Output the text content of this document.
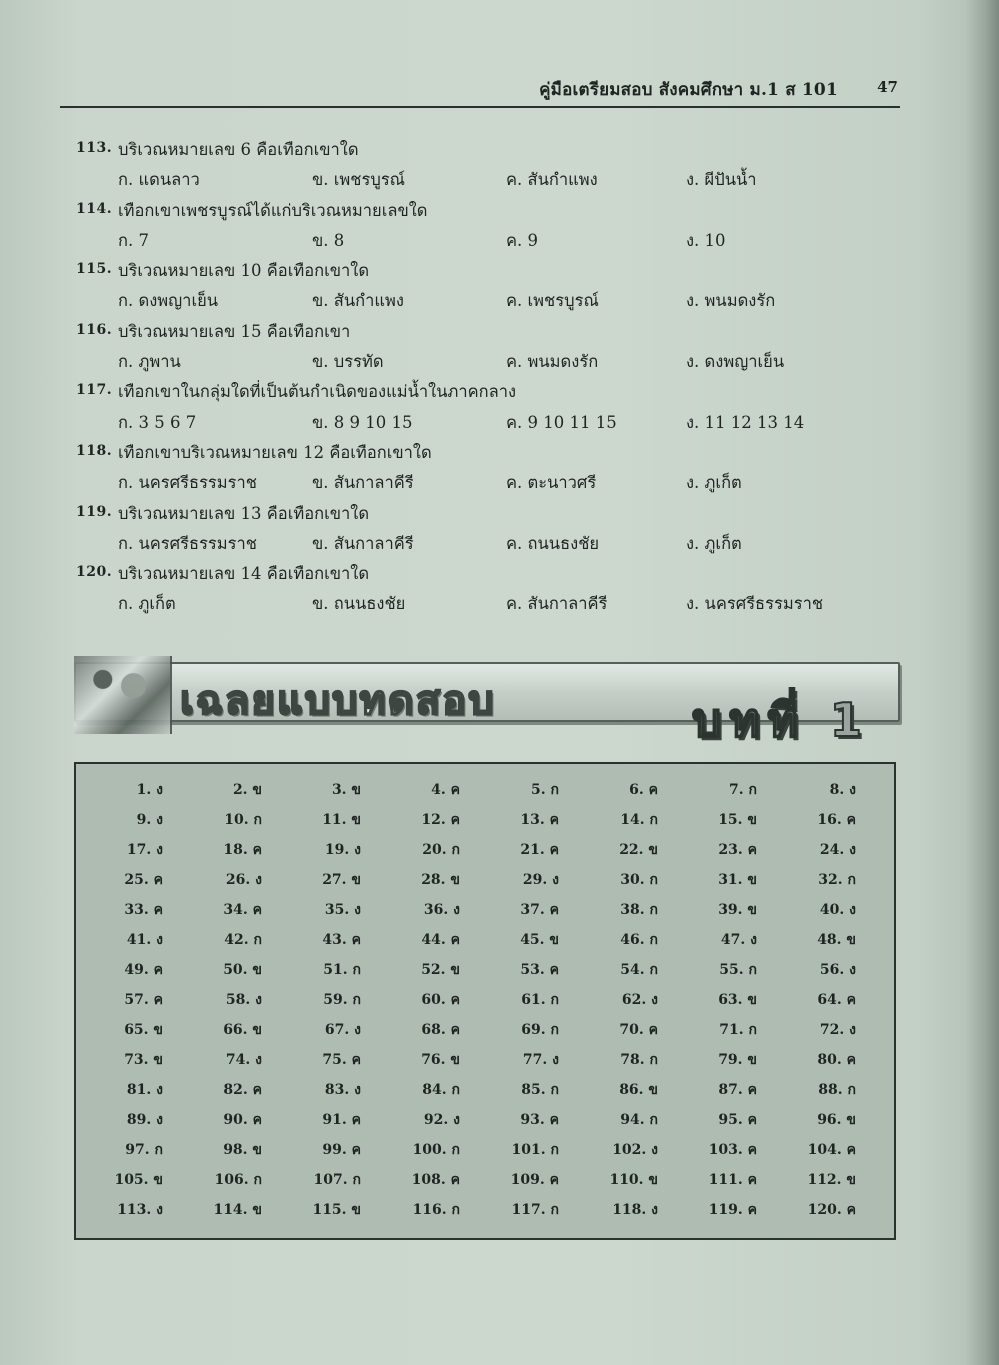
คู่มือเตรียมสอบ สังคมศึกษา ม.1 ส 101	47
113. บริเวณหมายเลข 6 คือเทือกเขาใด
ก. แดนลาว	ข. เพชรบูรณ์	ค. สันกำแพง	ง. ผีปันน้ำ
114. เทือกเขาเพชรบูรณ์ได้แก่บริเวณหมายเลขใด
ก. 7	ข. 8	ค. 9	ง. 10
115. บริเวณหมายเลข 10 คือเทือกเขาใด
ก. ดงพญาเย็น	ข. สันกำแพง	ค. เพชรบูรณ์	ง. พนมดงรัก
116. บริเวณหมายเลข 15 คือเทือกเขา
ก. ภูพาน	ข. บรรทัด	ค. พนมดงรัก	ง. ดงพญาเย็น
117. เทือกเขาในกลุ่มใดที่เป็นต้นกำเนิดของแม่น้ำในภาคกลาง
ก. 3 5 6 7	ข. 8 9 10 15	ค. 9 10 11 15	ง. 11 12 13 14
118. เทือกเขาบริเวณหมายเลข 12 คือเทือกเขาใด
ก. นครศรีธรรมราช	ข. สันกาลาคีรี	ค. ตะนาวศรี	ง. ภูเก็ต
119. บริเวณหมายเลข 13 คือเทือกเขาใด
ก. นครศรีธรรมราช	ข. สันกาลาคีรี	ค. ถนนธงชัย	ง. ภูเก็ต
120. บริเวณหมายเลข 14 คือเทือกเขาใด
ก. ภูเก็ต	ข. ถนนธงชัย	ค. สันกาลาคีรี	ง. นครศรีธรรมราช
เฉลยแบบทดสอบ	บทที่ 1
1. ง	2. ข	3. ข	4. ค	5. ก	6. ค	7. ก	8. ง
9. ง	10. ก	11. ข	12. ค	13. ค	14. ก	15. ข	16. ค
17. ง	18. ค	19. ง	20. ก	21. ค	22. ข	23. ค	24. ง
25. ค	26. ง	27. ข	28. ข	29. ง	30. ก	31. ข	32. ก
33. ค	34. ค	35. ง	36. ง	37. ค	38. ก	39. ข	40. ง
41. ง	42. ก	43. ค	44. ค	45. ข	46. ก	47. ง	48. ข
49. ค	50. ข	51. ก	52. ข	53. ค	54. ก	55. ก	56. ง
57. ค	58. ง	59. ก	60. ค	61. ก	62. ง	63. ข	64. ค
65. ข	66. ข	67. ง	68. ค	69. ก	70. ค	71. ก	72. ง
73. ข	74. ง	75. ค	76. ข	77. ง	78. ก	79. ข	80. ค
81. ง	82. ค	83. ง	84. ก	85. ก	86. ข	87. ค	88. ก
89. ง	90. ค	91. ค	92. ง	93. ค	94. ก	95. ค	96. ข
97. ก	98. ข	99. ค	100. ก	101. ก	102. ง	103. ค	104. ค
105. ข	106. ก	107. ก	108. ค	109. ค	110. ข	111. ค	112. ข
113. ง	114. ข	115. ข	116. ก	117. ก	118. ง	119. ค	120. ค
